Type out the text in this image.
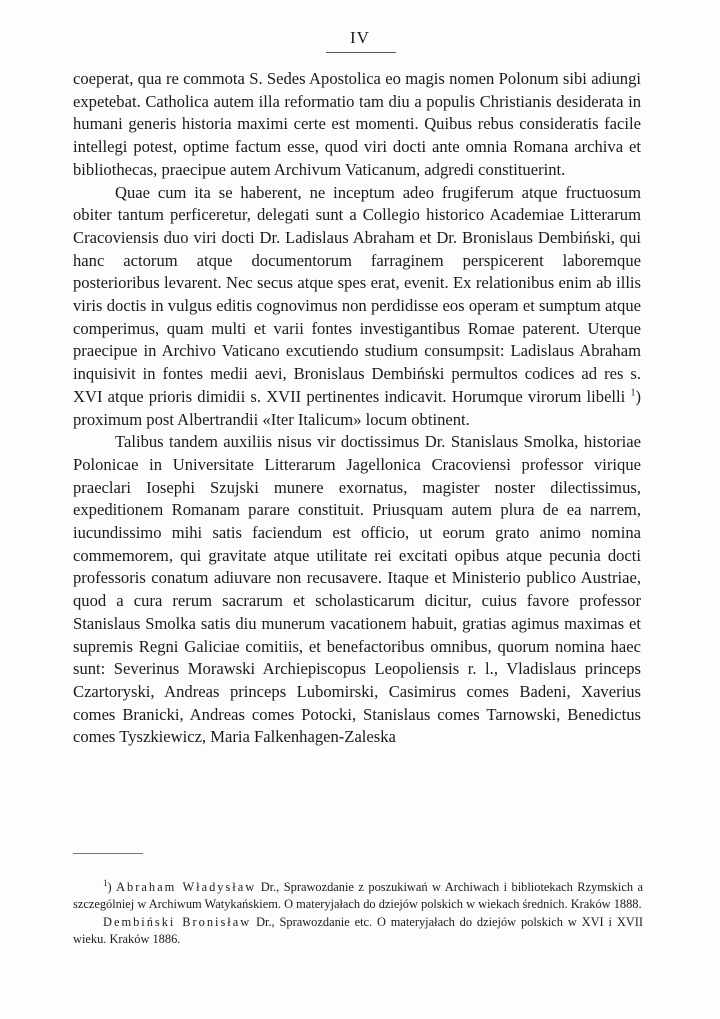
IV

coeperat, qua re commota S. Sedes Apostolica eo magis nomen Polonum sibi adiungi expetebat. Catholica autem illa reformatio tam diu a populis Christianis desiderata in humani generis historia maximi certe est momenti. Quibus rebus consideratis facile intellegi potest, optime factum esse, quod viri docti ante omnia Romana archiva et bibliothecas, praecipue autem Archivum Vaticanum, adgredi constituerint.

Quae cum ita se haberent, ne inceptum adeo frugiferum atque fructuosum obiter tantum perficeretur, delegati sunt a Collegio historico Academiae Litterarum Cracoviensis duo viri docti Dr. Ladislaus Abraham et Dr. Bronislaus Dembiński, qui hanc actorum atque documentorum farraginem perspicerent laboremque posterioribus levarent. Nec secus atque spes erat, evenit. Ex relationibus enim ab illis viris doctis in vulgus editis cognovimus non perdidisse eos operam et sumptum atque comperimus, quam multi et varii fontes investigantibus Romae paterent. Uterque praecipue in Archivo Vaticano excutiendo studium consumpsit: Ladislaus Abraham inquisivit in fontes medii aevi, Bronislaus Dembiński permultos codices ad res s. XVI atque prioris dimidii s. XVII pertinentes indicavit. Horumque virorum libelli $^1$) proximum post Albertrandii «Iter Italicum» locum obtinent.

Talibus tandem auxiliis nisus vir doctissimus Dr. Stanislaus Smolka, historiae Polonicae in Universitate Litterarum Jagellonica Cracoviensi professor virique praeclari Iosephi Szujski munere exornatus, magister noster dilectissimus, expeditionem Romanam parare constituit. Priusquam autem plura de ea narrem, iucundissimo mihi satis faciendum est officio, ut eorum grato animo nomina commemorem, qui gravitate atque utilitate rei excitati opibus atque pecunia docti professoris conatum adiuvare non recusavere. Itaque et Ministerio publico Austriae, quod a cura rerum sacrarum et scholasticarum dicitur, cuius favore professor Stanislaus Smolka satis diu munerum vacationem habuit, gratias agimus maximas et supremis Regni Galiciae comitiis, et benefactoribus omnibus, quorum nomina haec sunt: Severinus Morawski Archiepiscopus Leopoliensis r. l., Vladislaus princeps Czartoryski, Andreas princeps Lubomirski, Casimirus comes Badeni, Xaverius comes Branicki, Andreas comes Potocki, Stanislaus comes Tarnowski, Benedictus comes Tyszkiewicz, Maria Falkenhagen-Zaleska

$^1$) Abraham Władysław Dr., Sprawozdanie z poszukiwań w Archiwach i bibliotekach Rzymskich a szczególniej w Archiwum Watykańskiem. O materyjałach do dziejów polskich w wiekach średnich. Kraków 1888.

Dembiński Bronisław Dr., Sprawozdanie etc. O materyjałach do dziejów polskich w XVI i XVII wieku. Kraków 1886.
